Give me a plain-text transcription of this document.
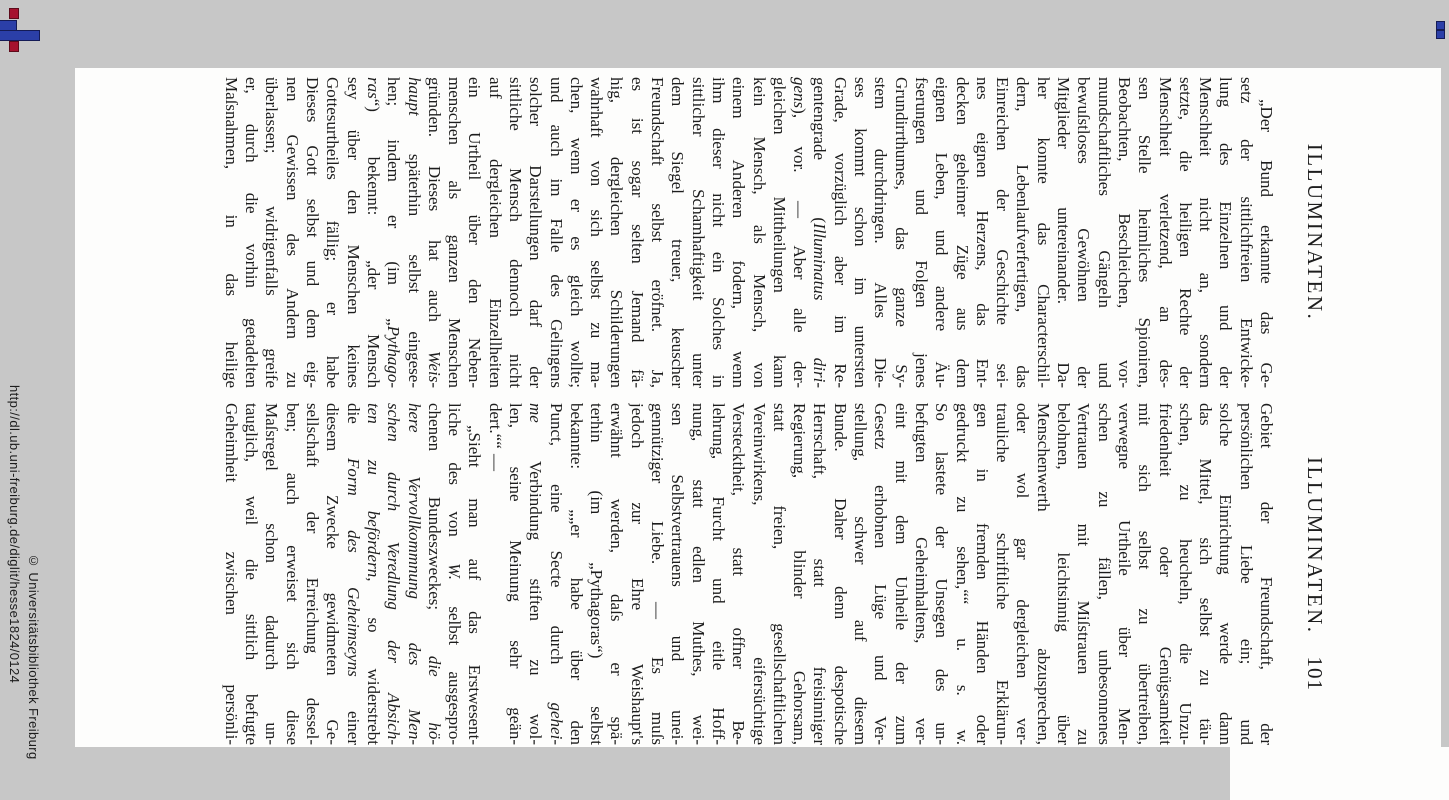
ILLUMINATEN.
ILLUMINATEN.101
„Der Bund erkannte das Ge-
setz der sittlichfreien Entwicke-
lung des Einzelnen und der
Menschheit nicht an, sondern
setzte, die heiligen Rechte der
Menschheit verletzend, an des-
sen Stelle heimliches Spioniren,
Beobachten, Beschleichen, vor-
mundschaftliches Gängeln und
bewuſstloses Gewöhnen der
Mitglieder untereinander. Da-
her konnte das Characterschil-
dern, Lebenlaufverfertigen, das
Einreichen der Geschichte sei-
nes eignen Herzens, das Ent-
decken geheimer Züge aus dem
eignen Leben, und andere Äu-
fserungen und Folgen jenes
Grundirrthumes, das ganze Sy-
stem durchdringen. Alles Die-
ses kommt schon im untersten
Grade, vorzüglich aber im Re-
gentengrade (Illuminatus diri-
gens), vor. — Aber alle der-
gleichen Mittheilungen kann
kein Mensch, als Mensch, von
einem Anderen fodern, wenn
ihm dieser nicht ein Solches in
sittlicher Schamhaftigkeit unter
dem Siegel treuer, keuscher
Freundschaft selbst eröfnet. Ja,
es ist sogar selten Jemand fä-
hig, dergleichen Schilderungen
wahrhaft von sich selbst zu ma-
chen, wenn er es gleich wollte;
und auch im Falle des Gelingens
solcher Darstellungen darf der
sittliche Mensch dennoch nicht
auf dergleichen Einzellheiten
ein Urtheil über den Neben-
menschen als ganzen Menschen
gründen. Dieses hat auch Weis-
haupt späterhin selbst eingese-
hen; indem er (im „Pythago-
ras“) bekennt: „der Mensch
sey über den Menschen keines
Gottesurtheiles fällig; er habe
Dieses Gott selbst und dem eig-
nen Gewissen des Andern zu
überlassen; widrigenfalls greife
er, durch die vorhin getadelten
Maſsnahmen, in das heilige
Gebiet der Freundschaft, der
persönlichen Liebe ein; und
solche Einrichtung werde dann
das Mittel, sich selbst zu täu-
schen, zu heucheln, die Unzu-
friedenheit oder Genügsamkeit
mit sich selbst zu übertreiben,
verwegne Urtheile über Men-
schen zu fällen, unbesonnenes
Vertrauen mit Miſstrauen zu
belohnen, leichtsinnig über
Menschenwerth abzusprechen,
oder wol gar dergleichen ver-
trauliche schriftliche Erklärun-
gen in fremden Händen oder
gedruckt zu sehen,““ u. s. w.
So lastete der Unsegen des un-
befugten Geheimhaltens, ver-
eint mit dem Unheile der zum
Gesetz erhobnen Lüge und Ver-
stellung, schwer auf diesem
Bunde. Daher denn despotische
Herrschaft, statt freisinniger
Regierung, blinder Gehorsam,
statt freien, gesellschaftlichen
Vereinwirkens, eifersüchtige
Verstecktheit, statt offner Be-
lehrung, Furcht und eitle Hoff-
nung, statt edlen Muthes, wei-
sen Selbstvertrauens und unei-
gennütziger Liebe. — Es muſs
jedoch zur Ehre Weishaupt's
erwähnt werden, daſs er spä-
terhin (im „Pythagoras“) selbst
bekannte: „„er habe über den
Punct, eine Secte durch gehei-
me Verbindung stiften zu wol-
len, seine Meinung sehr geän-
dert.““ —
„Sieht man auf das Erstwesent-
liche des von W. selbst ausgespro-
chenen Bundeszweckes; die hö-
here Vervollkommnung des Men-
schen durch Veredlung der Absich-
ten zu befördern, so widerstrebt
die Form des Geheimseyns einer
diesem Zwecke gewidmeten Ge-
sellschaft der Erreichung dessel-
ben; auch erweiset sich diese
Maſsregel schon dadurch un-
tauglich, weil die sittlich befugte
Geheimheit zwischen persönli-
http://dl.ub.uni-freiburg.de/diglit/hesse1824/0124 © Universitätsbibliothek Freiburg
